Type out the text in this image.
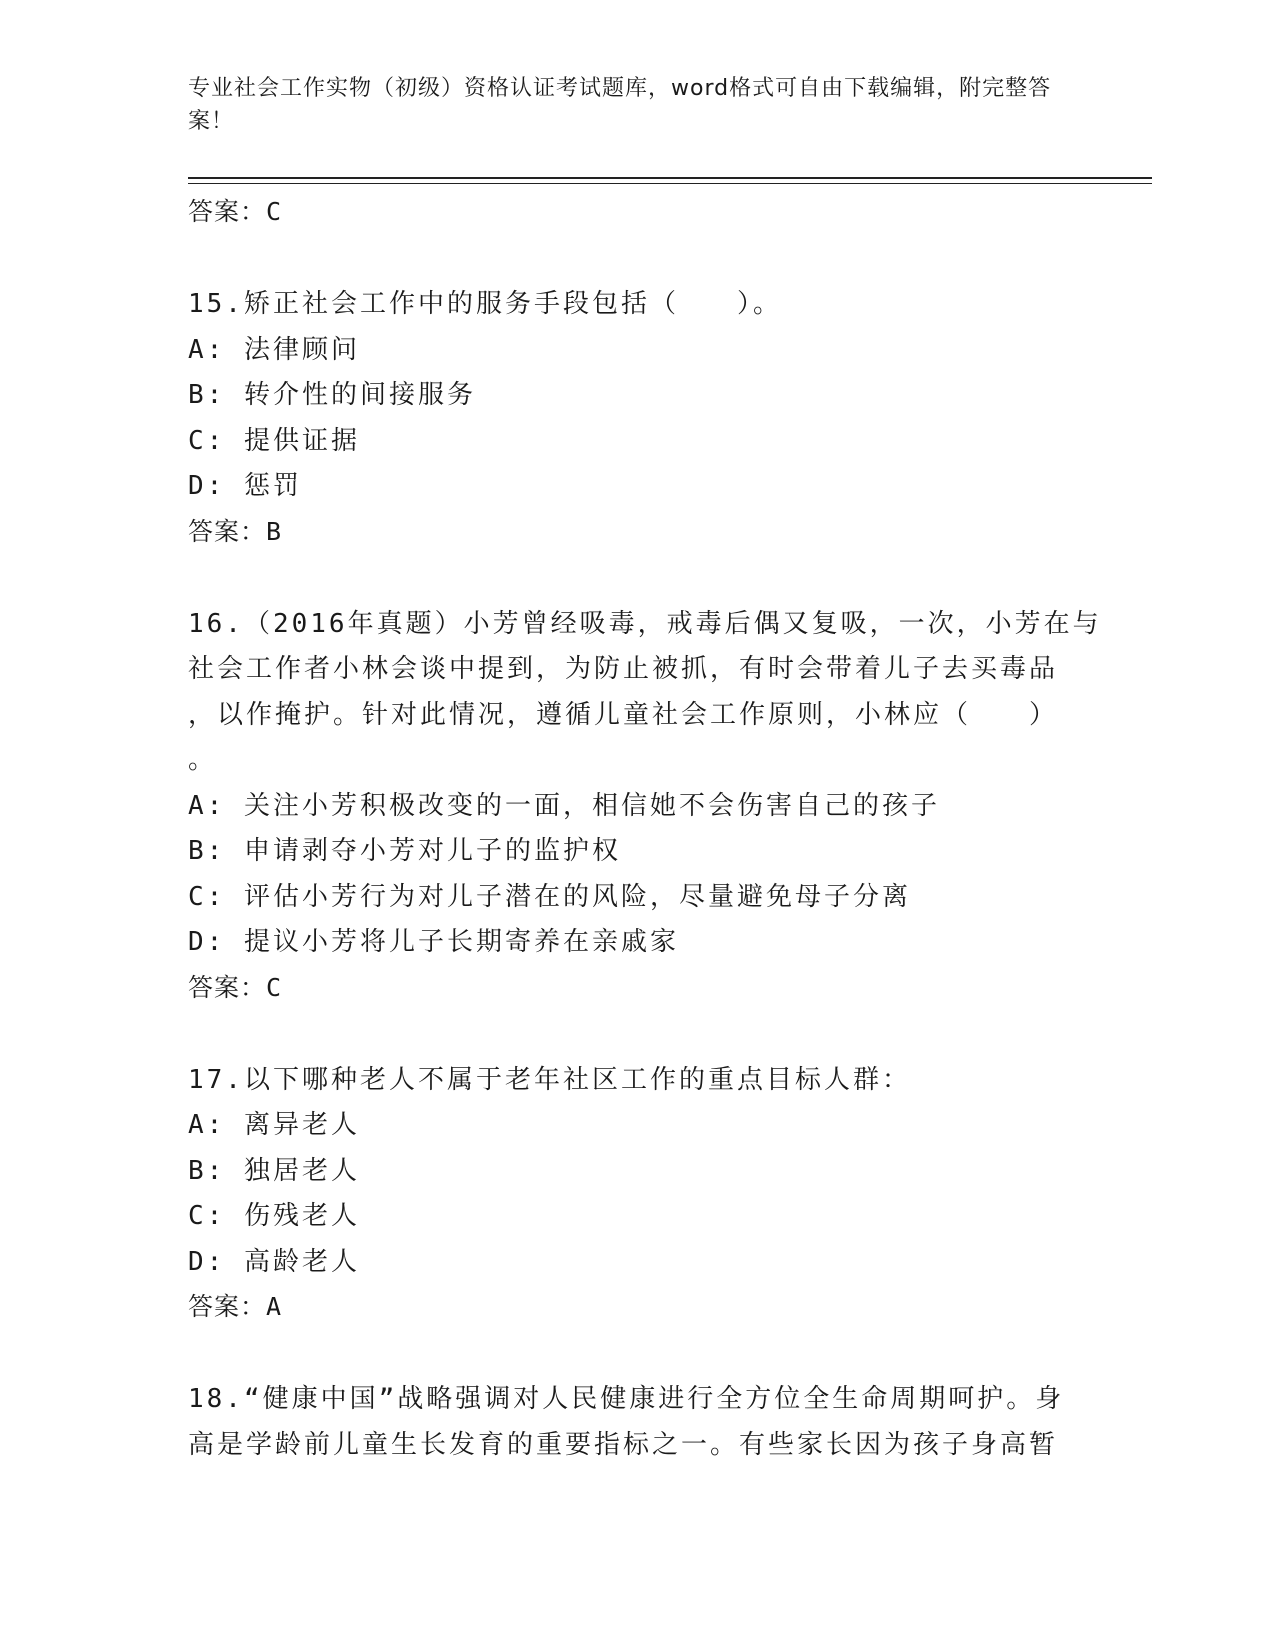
专业社会工作实物（初级）资格认证考试题库，word格式可自由下载编辑，附完整答案！
答案：C
15.矫正社会工作中的服务手段包括（　　）。
A: 法律顾问
B: 转介性的间接服务
C: 提供证据
D: 惩罚
答案：B
16.（2016年真题）小芳曾经吸毒，戒毒后偶又复吸，一次，小芳在与
社会工作者小林会谈中提到，为防止被抓，有时会带着儿子去买毒品
，以作掩护。针对此情况，遵循儿童社会工作原则，小林应（　　）
。
A: 关注小芳积极改变的一面，相信她不会伤害自己的孩子
B: 申请剥夺小芳对儿子的监护权
C: 评估小芳行为对儿子潜在的风险，尽量避免母子分离
D: 提议小芳将儿子长期寄养在亲戚家
答案：C
17.以下哪种老人不属于老年社区工作的重点目标人群：
A: 离异老人
B: 独居老人
C: 伤残老人
D: 高龄老人
答案：A
18.“健康中国”战略强调对人民健康进行全方位全生命周期呵护。身
高是学龄前儿童生长发育的重要指标之一。有些家长因为孩子身高暂
